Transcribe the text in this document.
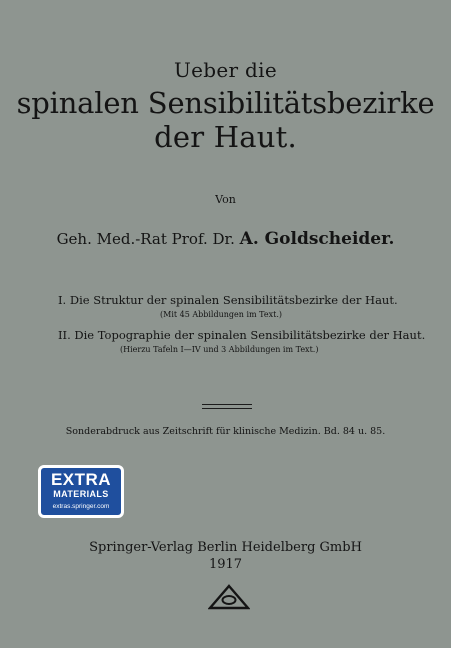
Ueber die
spinalen Sensibilitätsbezirke
der Haut.
Von
Geh. Med.-Rat Prof. Dr. A. Goldscheider.
I. Die Struktur der spinalen Sensibilitätsbezirke der Haut.
(Mit 45 Abbildungen im Text.)
II. Die Topographie der spinalen Sensibilitätsbezirke der Haut.
(Hierzu Tafeln I—IV und 3 Abbildungen im Text.)
Sonderabdruck aus Zeitschrift für klinische Medizin. Bd. 84 u. 85.
EXTRA
MATERIALS
extras.springer.com
Springer-Verlag Berlin Heidelberg GmbH
1917
